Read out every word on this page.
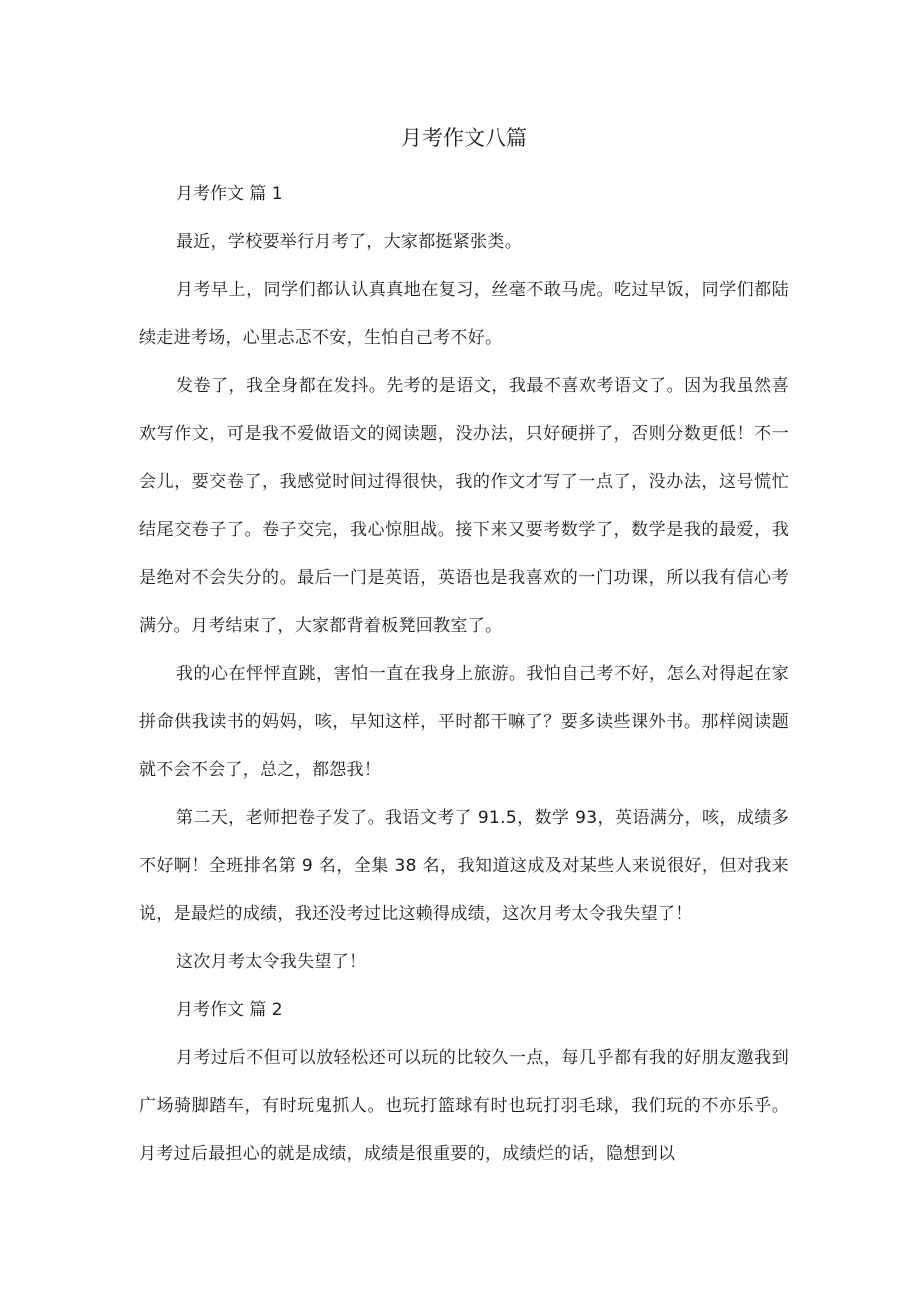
月考作文八篇

月考作文 篇 1

最近，学校要举行月考了，大家都挺紧张类。

月考早上，同学们都认认真真地在复习，丝毫不敢马虎。吃过早饭，同学们都陆续走进考场，心里忐忑不安，生怕自己考不好。

发卷了，我全身都在发抖。先考的是语文，我最不喜欢考语文了。因为我虽然喜欢写作文，可是我不爱做语文的阅读题，没办法，只好硬拼了，否则分数更低！不一会儿，要交卷了，我感觉时间过得很快，我的作文才写了一点了，没办法，这号慌忙结尾交卷子了。卷子交完，我心惊胆战。接下来又要考数学了，数学是我的最爱，我是绝对不会失分的。最后一门是英语，英语也是我喜欢的一门功课，所以我有信心考满分。月考结束了，大家都背着板凳回教室了。

我的心在怦怦直跳，害怕一直在我身上旅游。我怕自己考不好，怎么对得起在家拼命供我读书的妈妈，咳，早知这样，平时都干嘛了？要多读些课外书。那样阅读题就不会不会了，总之，都怨我！

第二天，老师把卷子发了。我语文考了 91.5，数学 93，英语满分，咳，成绩多不好啊！全班排名第 9 名，全集 38 名，我知道这成及对某些人来说很好，但对我来说，是最烂的成绩，我还没考过比这赖得成绩，这次月考太令我失望了！

这次月考太令我失望了！

月考作文 篇 2

月考过后不但可以放轻松还可以玩的比较久一点，每几乎都有我的好朋友邀我到广场骑脚踏车，有时玩鬼抓人。也玩打篮球有时也玩打羽毛球，我们玩的不亦乐乎。月考过后最担心的就是成绩，成绩是很重要的，成绩烂的话，隐想到以
